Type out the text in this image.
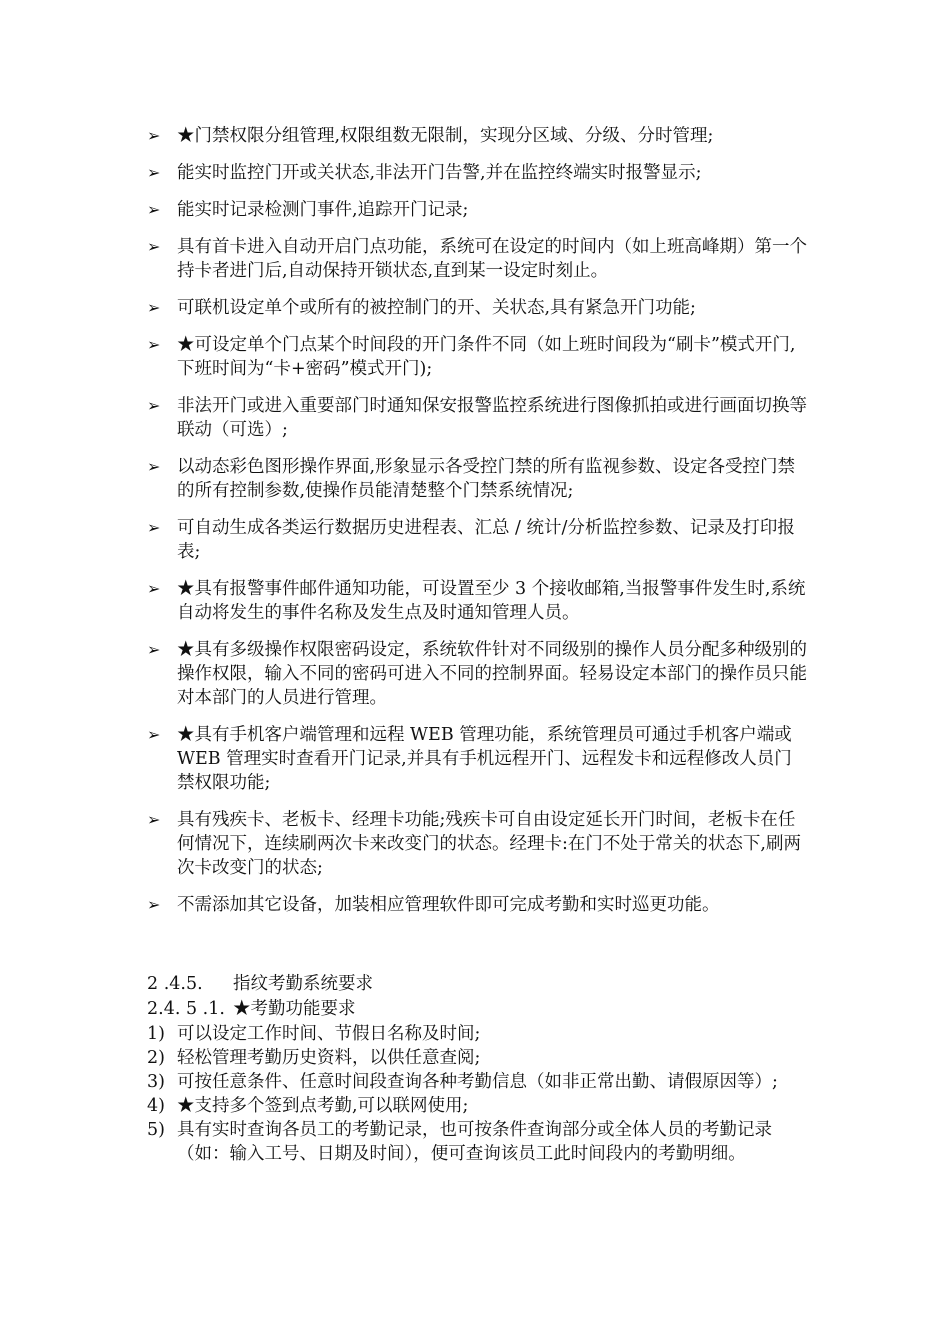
➢ ★门禁权限分组管理,权限组数无限制，实现分区域、分级、分时管理;
➢ 能实时监控门开或关状态,非法开门告警,并在监控终端实时报警显示;
➢ 能实时记录检测门事件,追踪开门记录;
➢ 具有首卡进入自动开启门点功能，系统可在设定的时间内（如上班高峰期）第一个持卡者进门后,自动保持开锁状态,直到某一设定时刻止。
➢ 可联机设定单个或所有的被控制门的开、关状态,具有紧急开门功能;
➢ ★可设定单个门点某个时间段的开门条件不同（如上班时间段为“刷卡”模式开门,下班时间为“卡+密码”模式开门);
➢ 非法开门或进入重要部门时通知保安报警监控系统进行图像抓拍或进行画面切换等联动（可选）;
➢ 以动态彩色图形操作界面,形象显示各受控门禁的所有监视参数、设定各受控门禁的所有控制参数,使操作员能清楚整个门禁系统情况;
➢ 可自动生成各类运行数据历史进程表、汇总 / 统计/分析监控参数、记录及打印报表;
➢ ★具有报警事件邮件通知功能，可设置至少 3 个接收邮箱,当报警事件发生时,系统自动将发生的事件名称及发生点及时通知管理人员。
➢ ★具有多级操作权限密码设定，系统软件针对不同级别的操作人员分配多种级别的操作权限，输入不同的密码可进入不同的控制界面。轻易设定本部门的操作员只能对本部门的人员进行管理。
➢ ★具有手机客户端管理和远程 WEB 管理功能，系统管理员可通过手机客户端或 WEB 管理实时查看开门记录,并具有手机远程开门、远程发卡和远程修改人员门禁权限功能;
➢ 具有残疾卡、老板卡、经理卡功能;残疾卡可自由设定延长开门时间，老板卡在任何情况下，连续刷两次卡来改变门的状态。经理卡:在门不处于常关的状态下,刷两次卡改变门的状态;
➢ 不需添加其它设备，加装相应管理软件即可完成考勤和实时巡更功能。
2 .4.5. 指纹考勤系统要求
2.4. 5 .1. ★考勤功能要求
1) 可以设定工作时间、节假日名称及时间;
2) 轻松管理考勤历史资料，以供任意查阅;
3) 可按任意条件、任意时间段查询各种考勤信息（如非正常出勤、请假原因等）;
4) ★支持多个签到点考勤,可以联网使用;
5) 具有实时查询各员工的考勤记录，也可按条件查询部分或全体人员的考勤记录（如：输入工号、日期及时间），便可查询该员工此时间段内的考勤明细。
